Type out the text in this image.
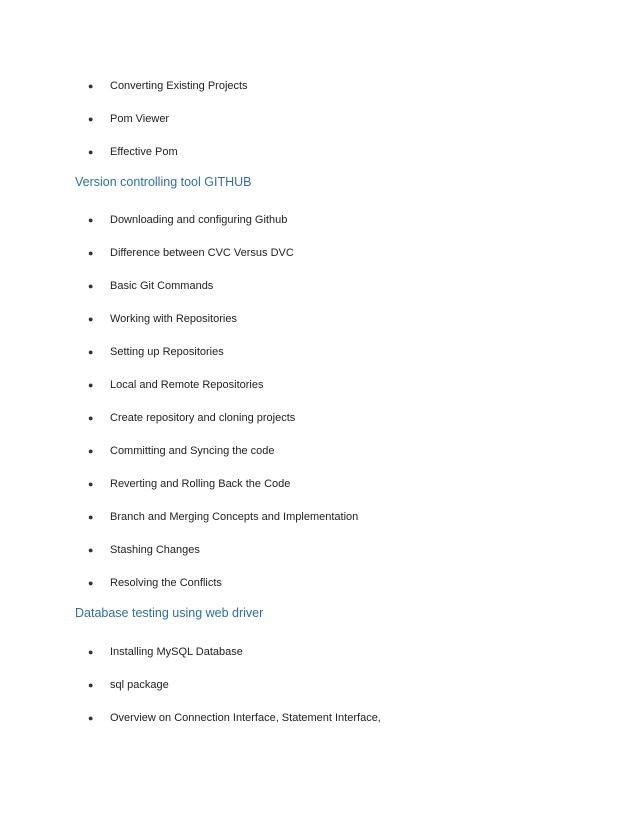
●	Converting Existing Projects
●	Pom Viewer
●	Effective Pom
Version controlling tool GITHUB
●	Downloading and configuring Github
●	Difference between CVC Versus DVC
●	Basic Git Commands
●	Working with Repositories
●	Setting up Repositories
●	Local and Remote Repositories
●	Create repository and cloning projects
●	Committing and Syncing the code
●	Reverting and Rolling Back the Code
●	Branch and Merging Concepts and Implementation
●	Stashing Changes
●	Resolving the Conflicts
Database testing using web driver
●	Installing MySQL Database
●	sql package
●	Overview on Connection Interface, Statement Interface,
